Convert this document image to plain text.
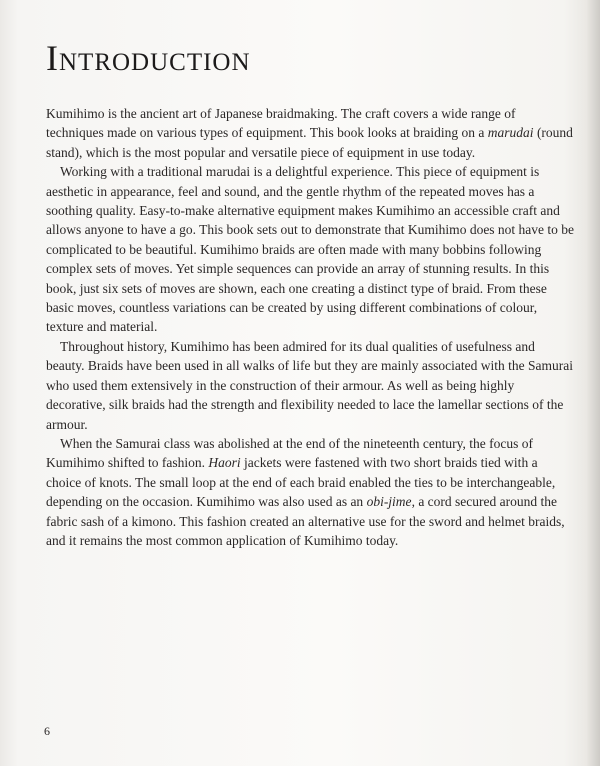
Introduction

Kumihimo is the ancient art of Japanese braidmaking. The craft covers a wide range of techniques made on various types of equipment. This book looks at braiding on a marudai (round stand), which is the most popular and versatile piece of equipment in use today.

Working with a traditional marudai is a delightful experience. This piece of equipment is aesthetic in appearance, feel and sound, and the gentle rhythm of the repeated moves has a soothing quality. Easy-to-make alternative equipment makes Kumihimo an accessible craft and allows anyone to have a go. This book sets out to demonstrate that Kumihimo does not have to be complicated to be beautiful. Kumihimo braids are often made with many bobbins following complex sets of moves. Yet simple sequences can provide an array of stunning results. In this book, just six sets of moves are shown, each one creating a distinct type of braid. From these basic moves, countless variations can be created by using different combinations of colour, texture and material.

Throughout history, Kumihimo has been admired for its dual qualities of usefulness and beauty. Braids have been used in all walks of life but they are mainly associated with the Samurai who used them extensively in the construction of their armour. As well as being highly decorative, silk braids had the strength and flexibility needed to lace the lamellar sections of the armour.

When the Samurai class was abolished at the end of the nineteenth century, the focus of Kumihimo shifted to fashion. Haori jackets were fastened with two short braids tied with a choice of knots. The small loop at the end of each braid enabled the ties to be interchangeable, depending on the occasion. Kumihimo was also used as an obi-jime, a cord secured around the fabric sash of a kimono. This fashion created an alternative use for the sword and helmet braids, and it remains the most common application of Kumihimo today.

6
